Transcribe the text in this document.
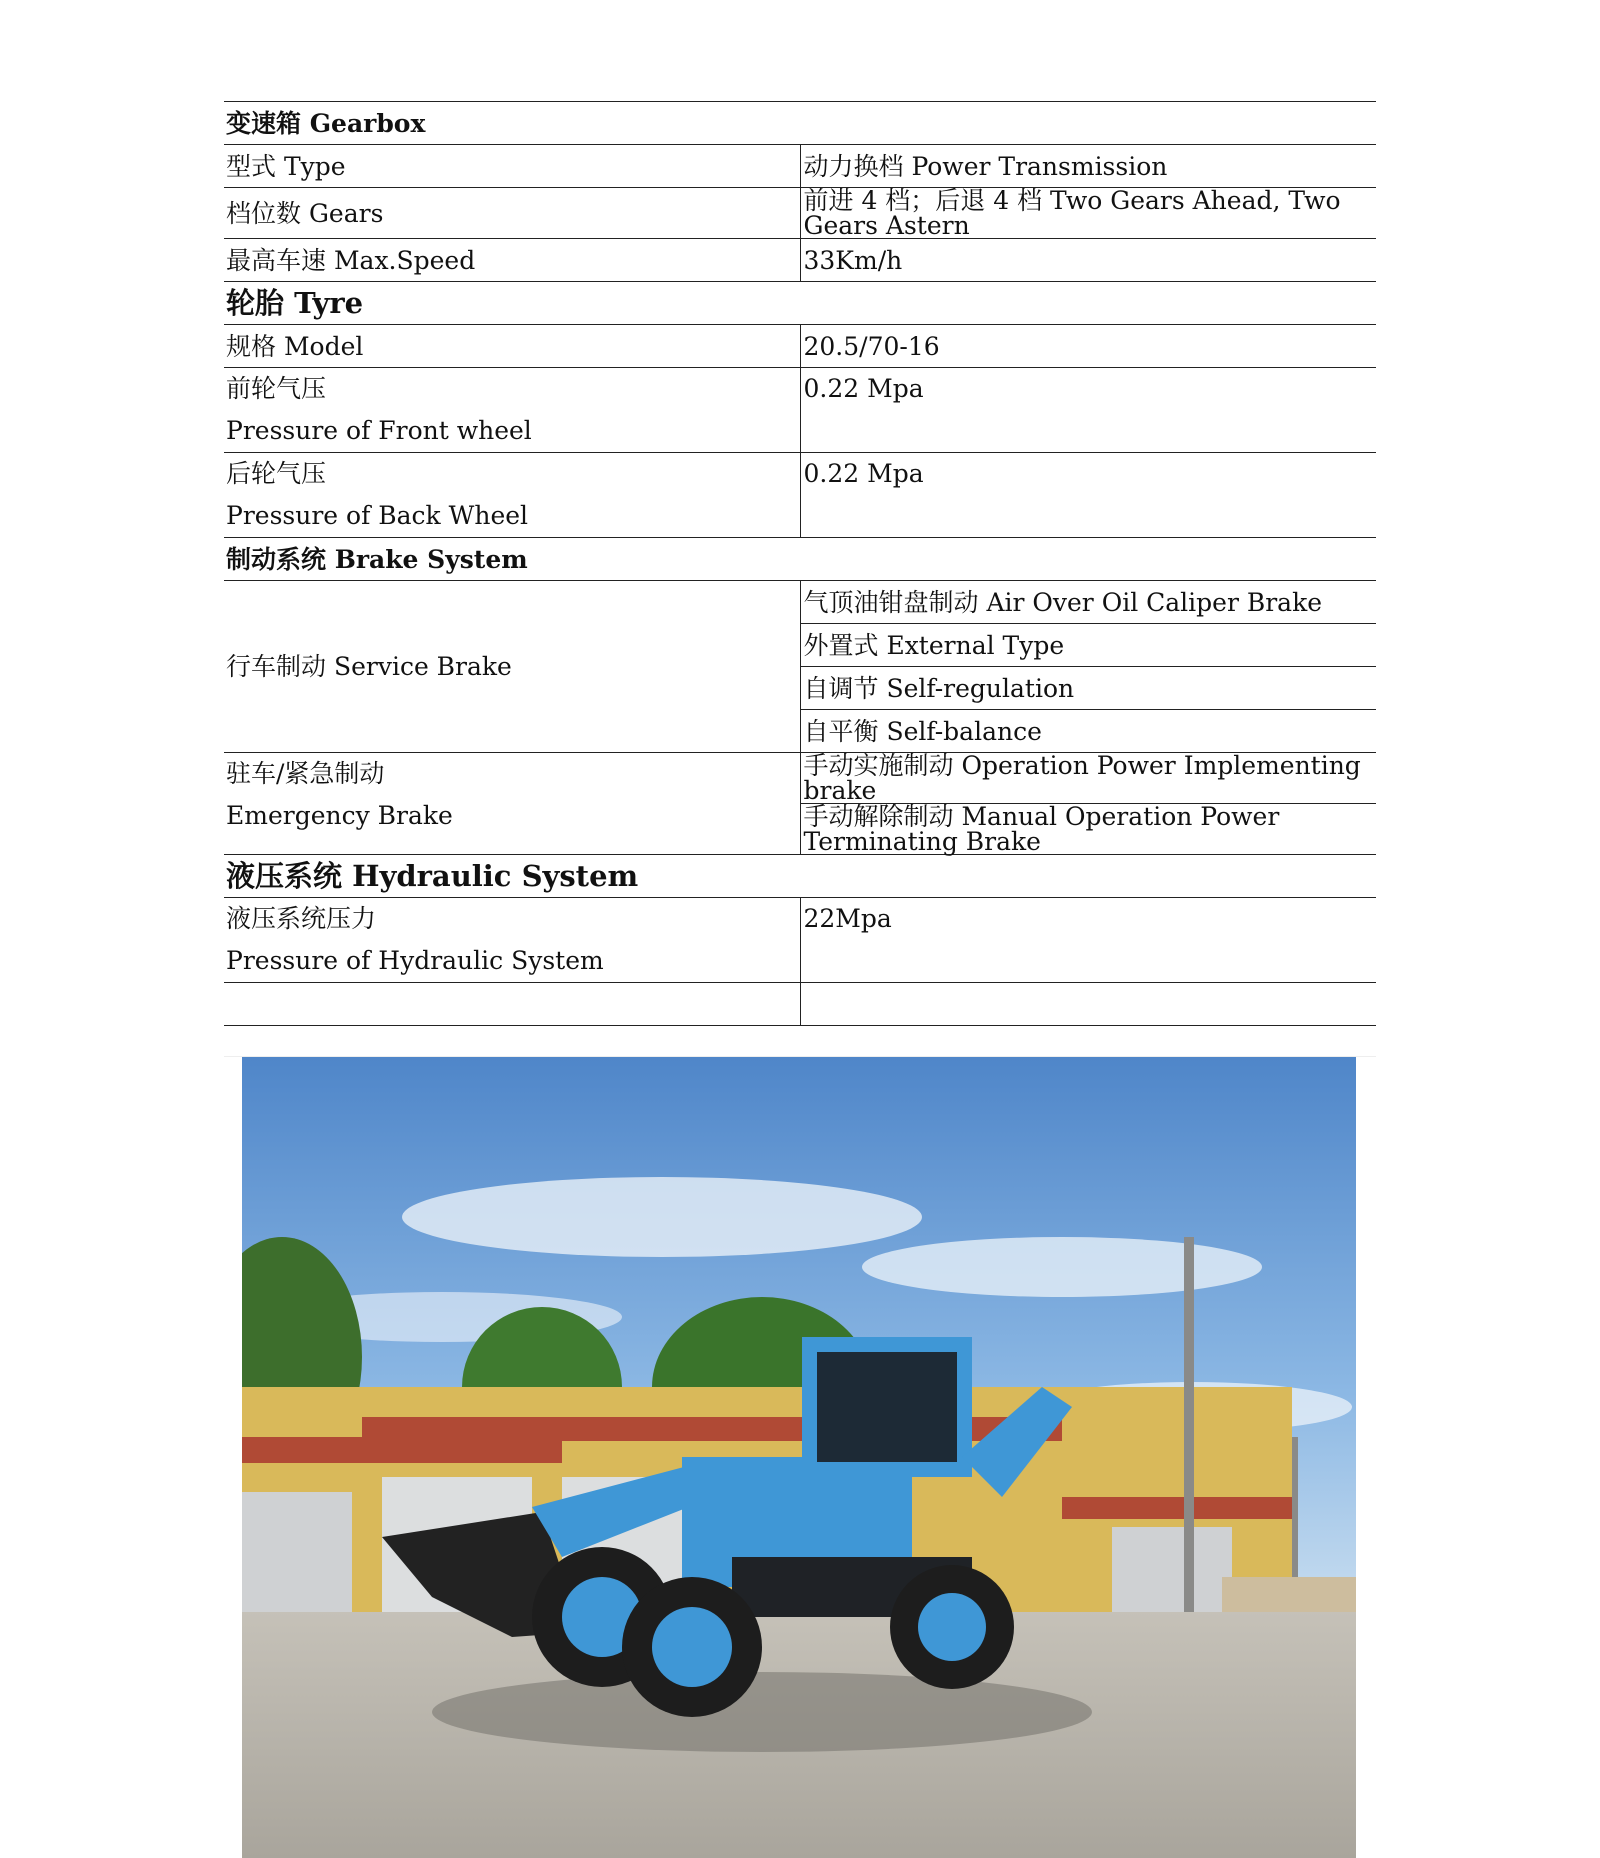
变速箱 Gearbox	
型式 Type	动力换档 Power Transmission
档位数 Gears	前进 4 档；后退 4 档 Two Gears Ahead, Two Gears Astern
最高车速 Max.Speed	33Km/h
轮胎 Tyre	
规格 Model	20.5/70-16

前轮气压
Pressure of Front wheel	0.22 Mpa

后轮气压
Pressure of Back Wheel	0.22 Mpa

制动系统 Brake System	
行车制动 Service Brake	气顶油钳盘制动 Air Over Oil Caliper Brake
	外置式 External Type
	自调节 Self-regulation
	自平衡 Self-balance

驻车/紧急制动
Emergency Brake	手动实施制动 Operation Power Implementing brake
	手动解除制动 Manual Operation Power Terminating Brake
液压系统 Hydraulic System	

液压系统压力
Pressure of Hydraulic System	22Mpa
